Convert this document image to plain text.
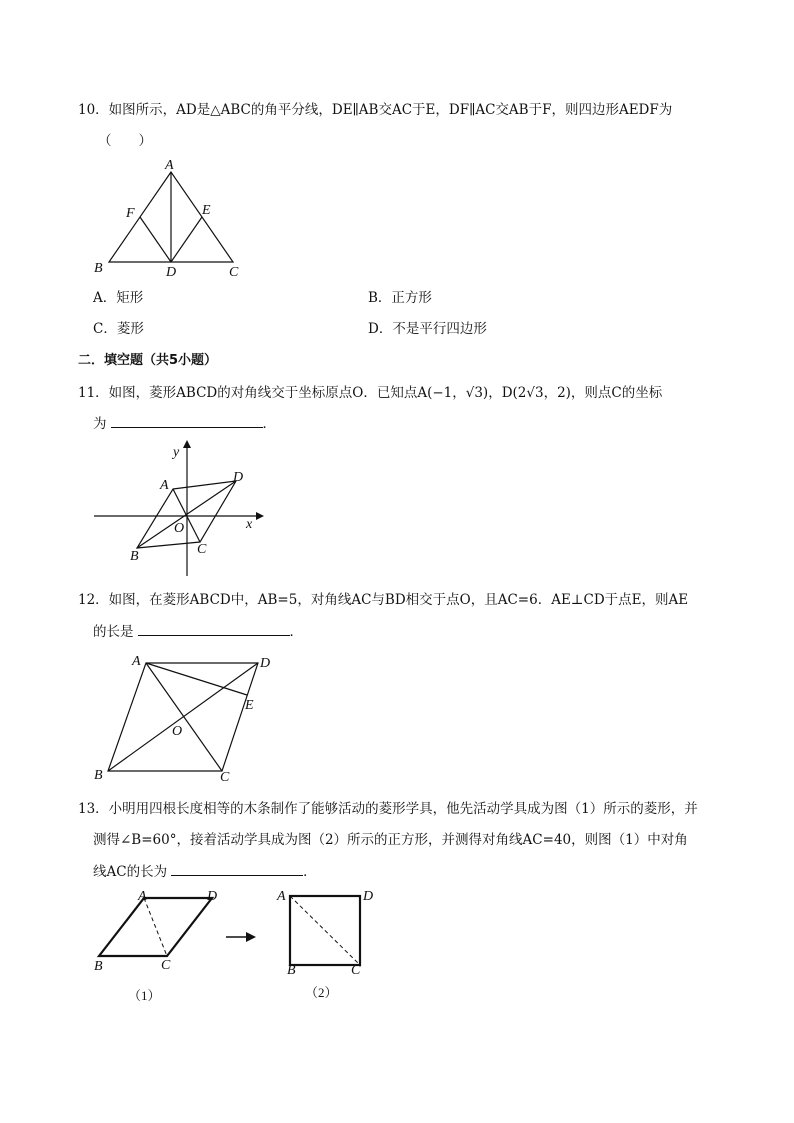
10．如图所示，AD是△ABC的角平分线，DE∥AB交AC于E，DF∥AC交AB于F，则四边形AEDF为
（　　）
A
F	E
B	D	C
A．矩形	B．正方形
C．菱形	D．不是平行四边形
二．填空题（共5小题）
11．如图，菱形ABCD的对角线交于坐标原点O．已知点A(−1，√3)，D(2√3，2)，则点C的坐标
为	．
y
x
A
D
O
C
B
12．如图，在菱形ABCD中，AB=5，对角线AC与BD相交于点O，且AC=6．AE⊥CD于点E，则AE
的长是	．
A	D
E
O
B	C
13．小明用四根长度相等的木条制作了能够活动的菱形学具，他先活动学具成为图（1）所示的菱形，并
测得∠B=60°，接着活动学具成为图（2）所示的正方形，并测得对角线AC=40，则图（1）中对角
线AC的长为	．
A	D
B	C
（1）
A	D
B	C
（2）
